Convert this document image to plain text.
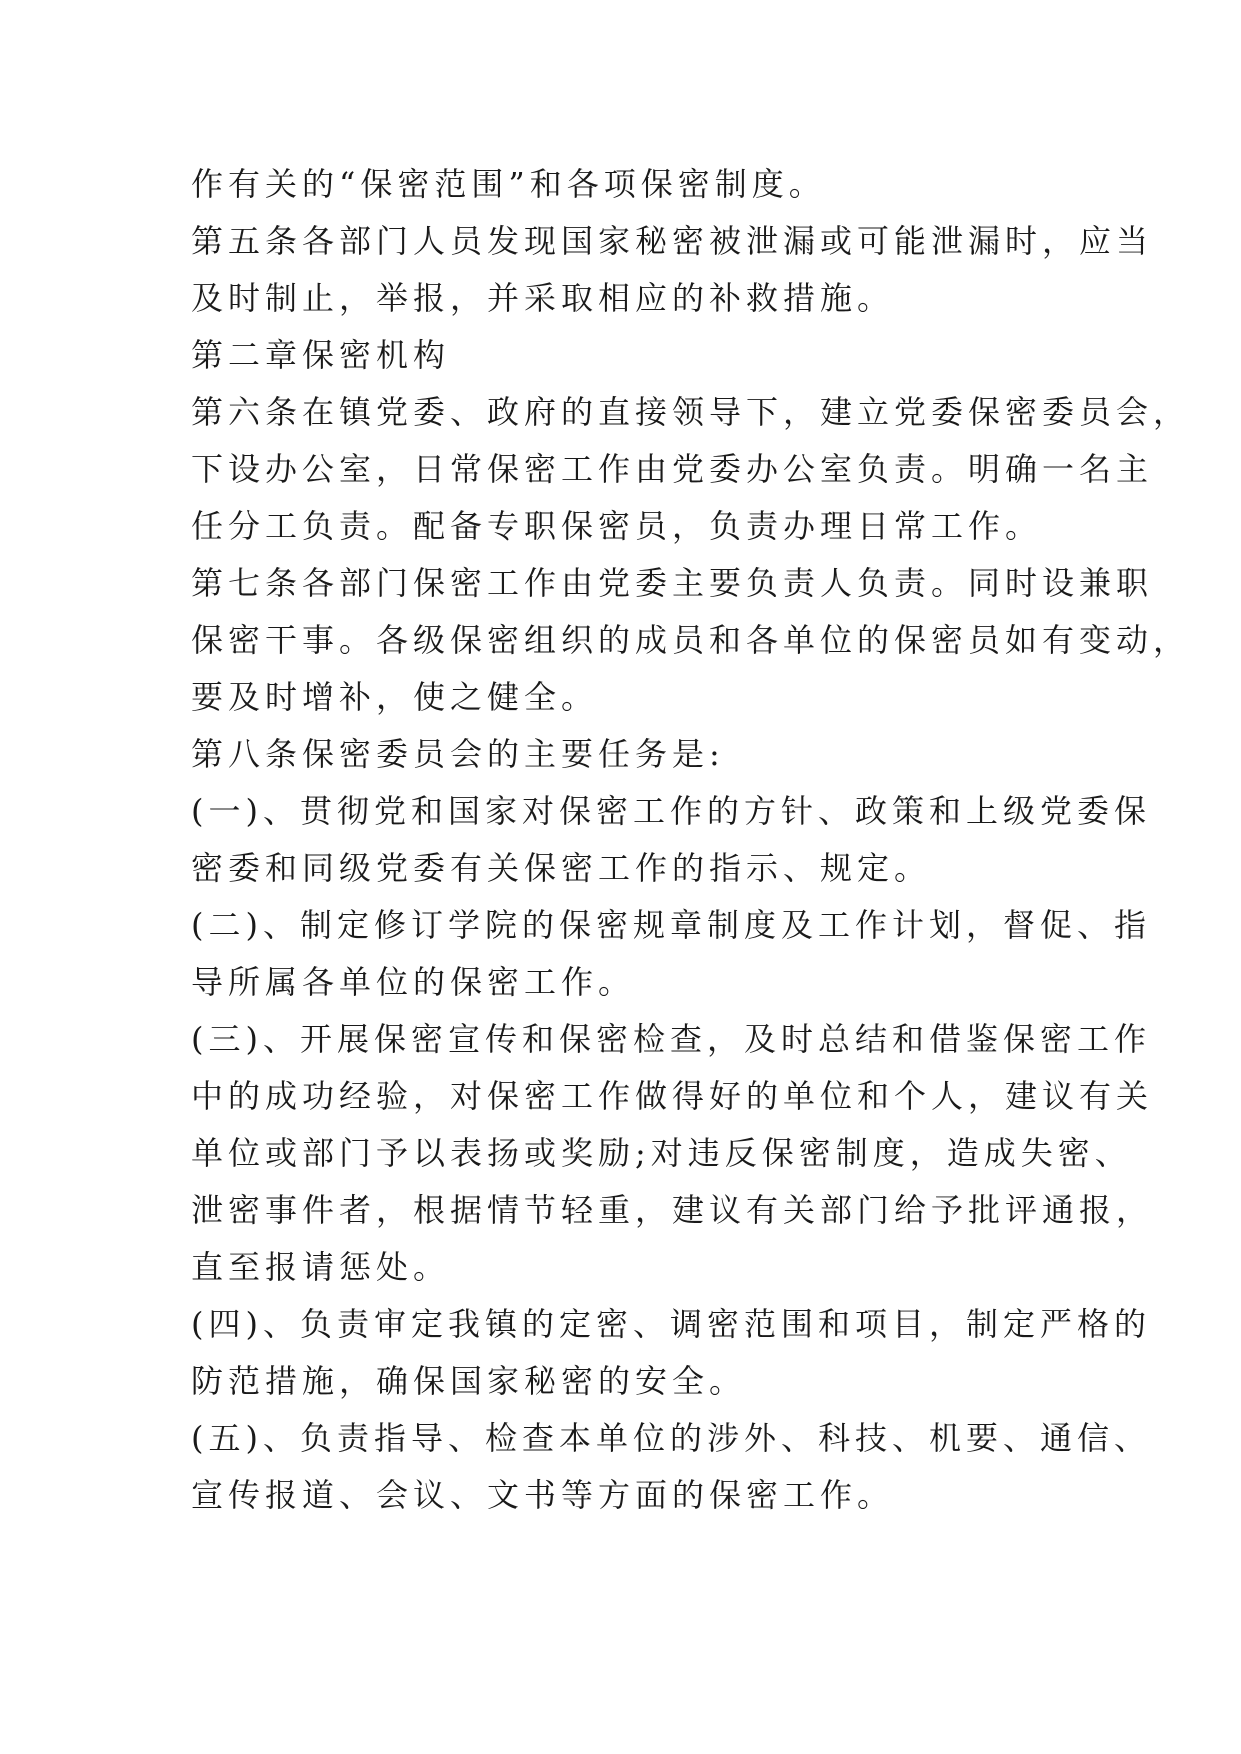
作有关的“保密范围”和各项保密制度。
第五条各部门人员发现国家秘密被泄漏或可能泄漏时，应当
及时制止，举报，并采取相应的补救措施。
第二章保密机构
第六条在镇党委、政府的直接领导下，建立党委保密委员会，
下设办公室，日常保密工作由党委办公室负责。明确一名主
任分工负责。配备专职保密员，负责办理日常工作。
第七条各部门保密工作由党委主要负责人负责。同时设兼职
保密干事。各级保密组织的成员和各单位的保密员如有变动，
要及时增补，使之健全。
第八条保密委员会的主要任务是:
(一)、贯彻党和国家对保密工作的方针、政策和上级党委保
密委和同级党委有关保密工作的指示、规定。
(二)、制定修订学院的保密规章制度及工作计划，督促、指
导所属各单位的保密工作。
(三)、开展保密宣传和保密检查，及时总结和借鉴保密工作
中的成功经验，对保密工作做得好的单位和个人，建议有关
单位或部门予以表扬或奖励;对违反保密制度，造成失密、
泄密事件者，根据情节轻重，建议有关部门给予批评通报，
直至报请惩处。
(四)、负责审定我镇的定密、调密范围和项目，制定严格的
防范措施，确保国家秘密的安全。
(五)、负责指导、检查本单位的涉外、科技、机要、通信、
宣传报道、会议、文书等方面的保密工作。
